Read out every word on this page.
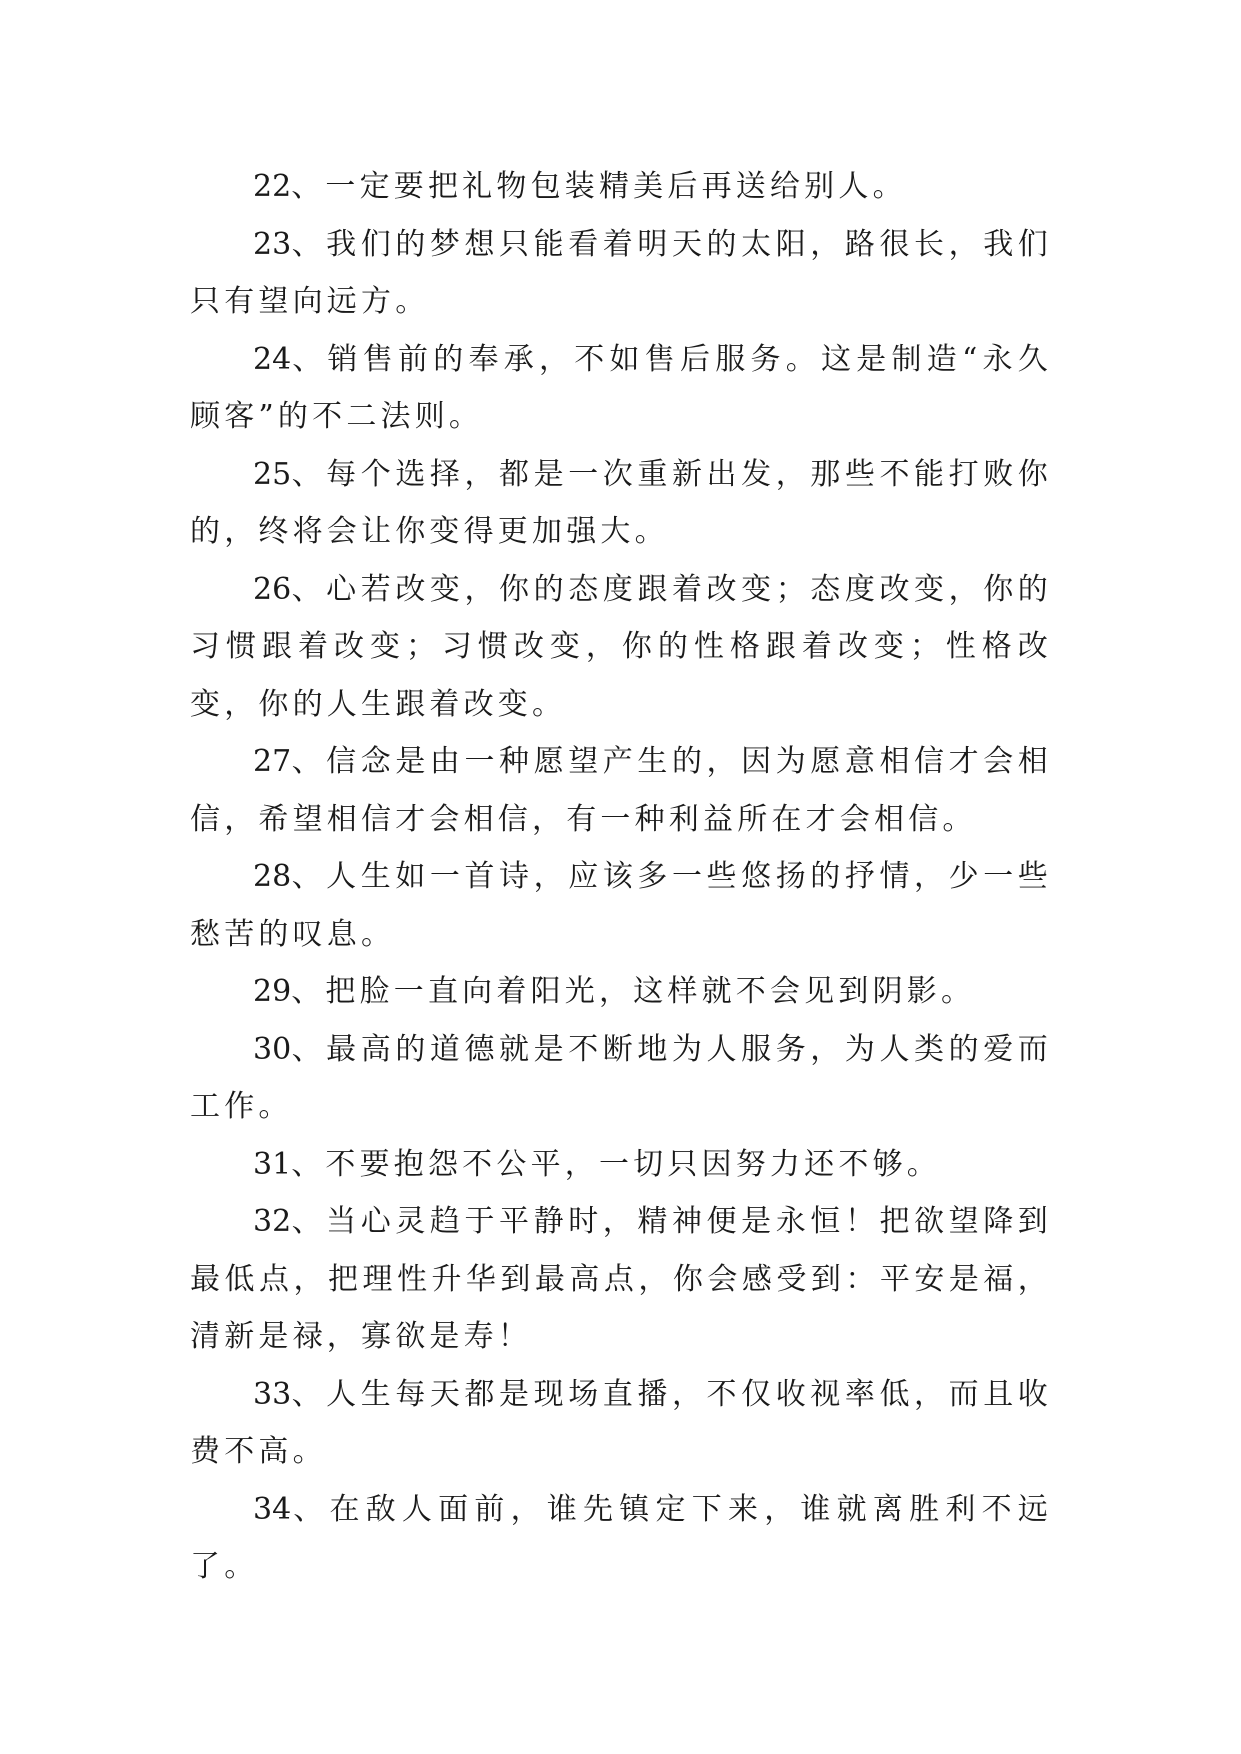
22、一定要把礼物包装精美后再送给别人。

23、我们的梦想只能看着明天的太阳，路很长，我们只有望向远方。

24、销售前的奉承，不如售后服务。这是制造“永久顾客”的不二法则。

25、每个选择，都是一次重新出发，那些不能打败你的，终将会让你变得更加强大。

26、心若改变，你的态度跟着改变；态度改变，你的习惯跟着改变；习惯改变，你的性格跟着改变；性格改变，你的人生跟着改变。

27、信念是由一种愿望产生的，因为愿意相信才会相信，希望相信才会相信，有一种利益所在才会相信。

28、人生如一首诗，应该多一些悠扬的抒情，少一些愁苦的叹息。

29、把脸一直向着阳光，这样就不会见到阴影。

30、最高的道德就是不断地为人服务，为人类的爱而工作。

31、不要抱怨不公平，一切只因努力还不够。

32、当心灵趋于平静时，精神便是永恒！把欲望降到最低点，把理性升华到最高点，你会感受到：平安是福，清新是禄，寡欲是寿！

33、人生每天都是现场直播，不仅收视率低，而且收费不高。

34、在敌人面前，谁先镇定下来，谁就离胜利不远了。
